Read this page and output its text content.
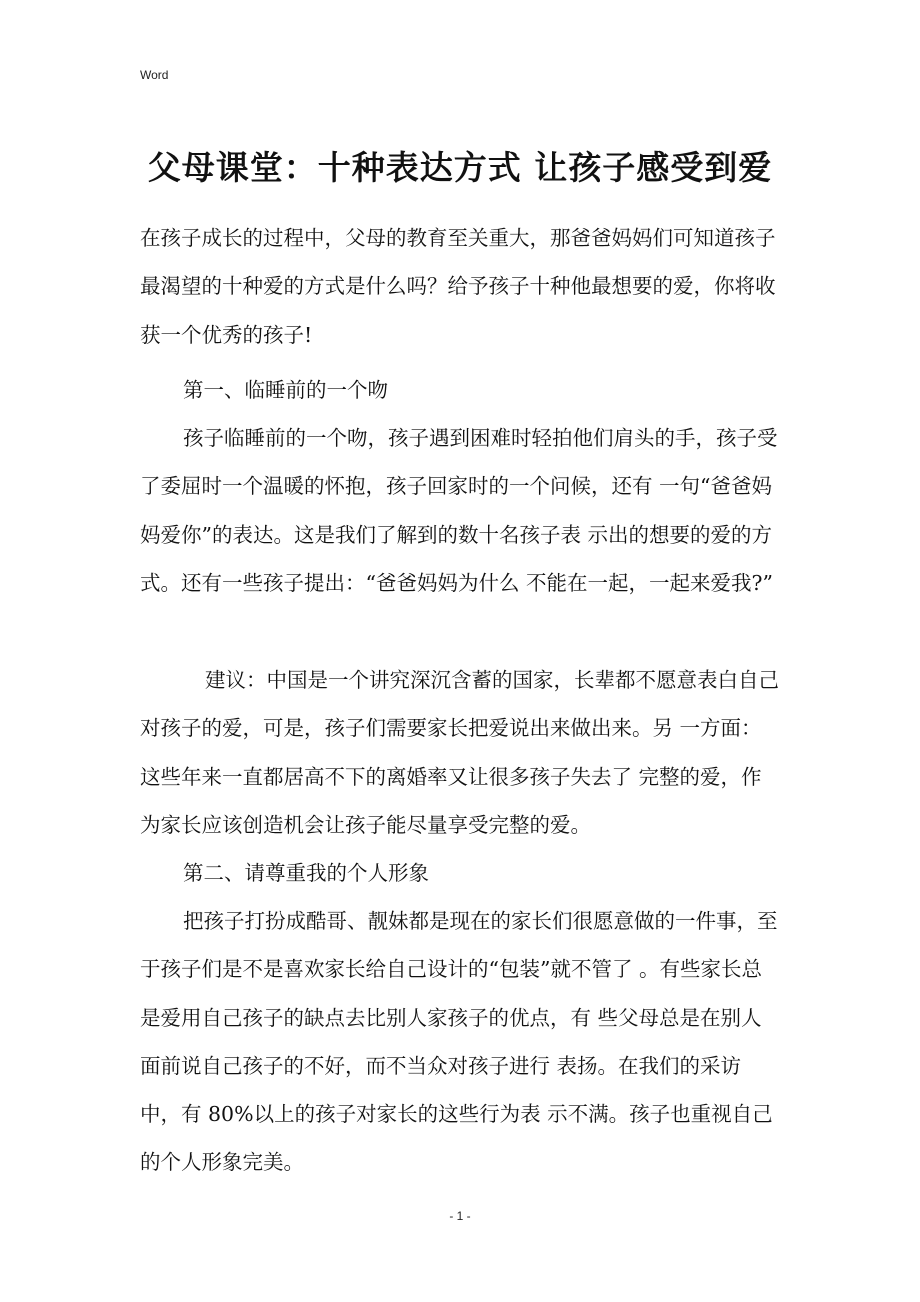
Word
父母课堂：十种表达方式 让孩子感受到爱

在孩子成长的过程中，父母的教育至关重大，那爸爸妈妈们可知道孩子最渴望的十种爱的方式是什么吗？给予孩子十种他最想要的爱，你将收获一个优秀的孩子!

第一、临睡前的一个吻

孩子临睡前的一个吻，孩子遇到困难时轻拍他们肩头的手，孩子受了委屈时一个温暖的怀抱，孩子回家时的一个问候，还有 一句“爸爸妈妈爱你”的表达。这是我们了解到的数十名孩子表 示出的想要的爱的方式。还有一些孩子提出：“爸爸妈妈为什么 不能在一起，一起来爱我?”

建议：中国是一个讲究深沉含蓄的国家，长辈都不愿意表白自己对孩子的爱，可是，孩子们需要家长把爱说出来做出来。另 一方面：这些年来一直都居高不下的离婚率又让很多孩子失去了 完整的爱，作为家长应该创造机会让孩子能尽量享受完整的爱。

第二、请尊重我的个人形象

把孩子打扮成酷哥、靓妹都是现在的家长们很愿意做的一件事，至于孩子们是不是喜欢家长给自己设计的“包装”就不管了 。有些家长总是爱用自己孩子的缺点去比别人家孩子的优点，有 些父母总是在别人面前说自己孩子的不好，而不当众对孩子进行 表扬。在我们的采访中，有 80%以上的孩子对家长的这些行为表 示不满。孩子也重视自己的个人形象完美。

- 1 -
